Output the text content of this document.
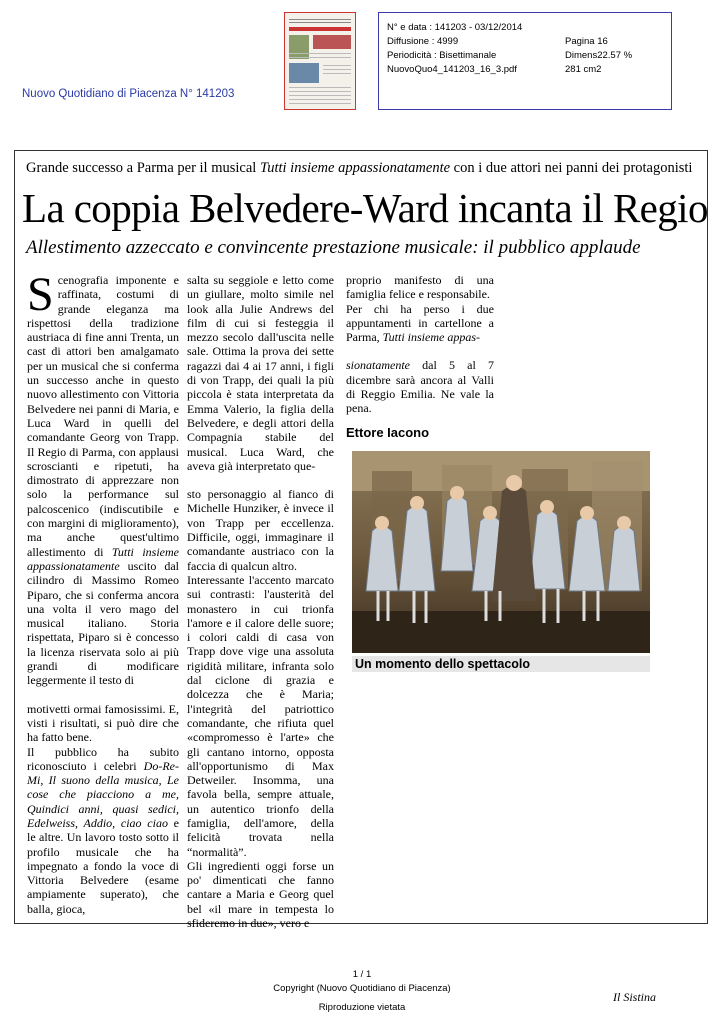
N° e data : 141203 - 03/12/2014
Diffusione : 4999	Pagina 16
Periodicità : Bisettimanale	Dimens22.57 %
NuovoQuo4_141203_16_3.pdf	281 cm2
Nuovo Quotidiano di Piacenza N° 141203
Grande successo a Parma per il musical Tutti insieme appassionatamente con i due attori nei panni dei protagonisti
La coppia Belvedere-Ward incanta il Regio
Allestimento azzeccato e convincente prestazione musicale: il pubblico applaude

Scenografia imponente e raffinata, costumi di grande eleganza ma rispettosi della tradizione austriaca di fine anni Trenta, un cast di attori ben amalgamato per un musical che si conferma un successo anche in questo nuovo allestimento con Vittoria Belvedere nei panni di Maria, e Luca Ward in quelli del comandante Georg von Trapp. Il Regio di Parma, con applausi scroscianti e ripetuti, ha dimostrato di apprezzare non solo la performance sul palcoscenico (indiscutibile e con margini di miglioramento), ma anche quest'ultimo allestimento di Tutti insieme appassionatamente uscito dal cilindro di Massimo Romeo Piparo, che si conferma ancora una volta il vero mago del musical italiano. Storia rispettata, Piparo si è concesso la licenza riservata solo ai più grandi di modificare leggermente il testo di

motivetti ormai famosissimi. E, visti i risultati, si può dire che ha fatto bene.

Il pubblico ha subito riconosciuto i celebri Do-Re-Mi, Il suono della musica, Le cose che piacciono a me, Quindici anni, quasi sedici, Edelweiss, Addio, ciao ciao e le altre. Un lavoro tosto sotto il profilo musicale che ha impegnato a fondo la voce di Vittoria Belvedere (esame ampiamente superato), che balla, gioca,

salta su seggiole e letto come un giullare, molto simile nel look alla Julie Andrews del film di cui si festeggia il mezzo secolo dall'uscita nelle sale. Ottima la prova dei sette ragazzi dai 4 ai 17 anni, i figli di von Trapp, dei quali la più piccola è stata interpretata da Emma Valerio, la figlia della Belvedere, e degli attori della Compagnia stabile del musical. Luca Ward, che aveva già interpretato que-

sto personaggio al fianco di Michelle Hunziker, è invece il von Trapp per eccellenza. Difficile, oggi, immaginare il comandante austriaco con la faccia di qualcun altro.

Interessante l'accento marcato sui contrasti: l'austerità del monastero in cui trionfa l'amore e il calore delle suore; i colori caldi di casa von Trapp dove vige una assoluta rigidità militare, infranta solo dal ciclone di grazia e dolcezza che è Maria; l'integrità del patriottico comandante, che rifiuta quel «compromesso è l'arte» che gli cantano intorno, opposta all'opportunismo di Max Detweiler. Insomma, una favola bella, sempre attuale, un autentico trionfo della famiglia, dell'amore, della felicità trovata nella “normalità”.

Gli ingredienti oggi forse un po' dimenticati che fanno cantare a Maria e Georg quel bel «il mare in tempesta lo sfideremo in due», vero e

proprio manifesto di una famiglia felice e responsabile.

Per chi ha perso i due appuntamenti in cartellone a Parma, Tutti insieme appas-

sionatamente dal 5 al 7 dicembre sarà ancora al Valli di Reggio Emilia. Ne vale la pena.

Ettore Iacono
Un momento dello spettacolo
1 / 1
Copyright (Nuovo Quotidiano di Piacenza)
Riproduzione vietata
Il Sistina
